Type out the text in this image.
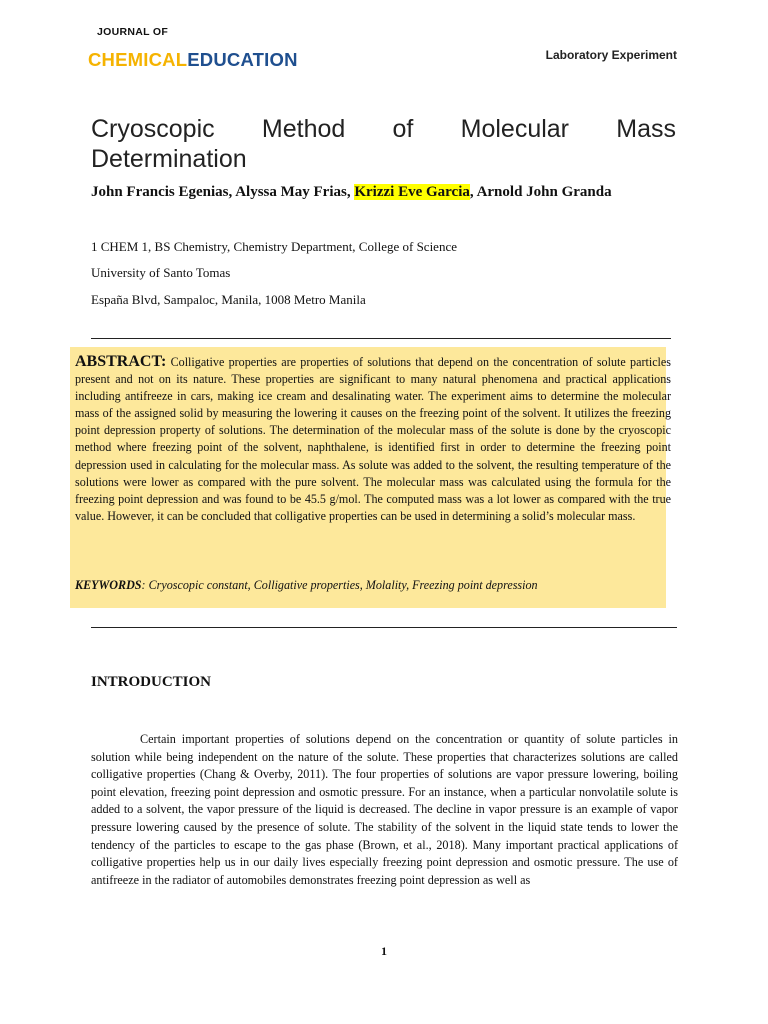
JOURNAL OF
CHEMICALEDUCATION	Laboratory Experiment
Cryoscopic Method of Molecular Mass Determination
John Francis Egenias, Alyssa May Frias, Krizzi Eve Garcia, Arnold John Granda
1 CHEM 1, BS Chemistry, Chemistry Department, College of Science
University of Santo Tomas
España Blvd, Sampaloc, Manila, 1008 Metro Manila
ABSTRACT: Colligative properties are properties of solutions that depend on the concentration of solute particles present and not on its nature. These properties are significant to many natural phenomena and practical applications including antifreeze in cars, making ice cream and desalinating water. The experiment aims to determine the molecular mass of the assigned solid by measuring the lowering it causes on the freezing point of the solvent. It utilizes the freezing point depression property of solutions. The determination of the molecular mass of the solute is done by the cryoscopic method where freezing point of the solvent, naphthalene, is identified first in order to determine the freezing point depression used in calculating for the molecular mass. As solute was added to the solvent, the resulting temperature of the solutions were lower as compared with the pure solvent. The molecular mass was calculated using the formula for the freezing point depression and was found to be 45.5 g/mol. The computed mass was a lot lower as compared with the true value. However, it can be concluded that colligative properties can be used in determining a solid’s molecular mass.
KEYWORDS: Cryoscopic constant, Colligative properties, Molality, Freezing point depression
INTRODUCTION
Certain important properties of solutions depend on the concentration or quantity of solute particles in solution while being independent on the nature of the solute. These properties that characterizes solutions are called colligative properties (Chang & Overby, 2011). The four properties of solutions are vapor pressure lowering, boiling point elevation, freezing point depression and osmotic pressure. For an instance, when a particular nonvolatile solute is added to a solvent, the vapor pressure of the liquid is decreased. The decline in vapor pressure is an example of vapor pressure lowering caused by the presence of solute. The stability of the solvent in the liquid state tends to lower the tendency of the particles to escape to the gas phase (Brown, et al., 2018). Many important practical applications of colligative properties help us in our daily lives especially freezing point depression and osmotic pressure. The use of antifreeze in the radiator of automobiles demonstrates freezing point depression as well as
1
